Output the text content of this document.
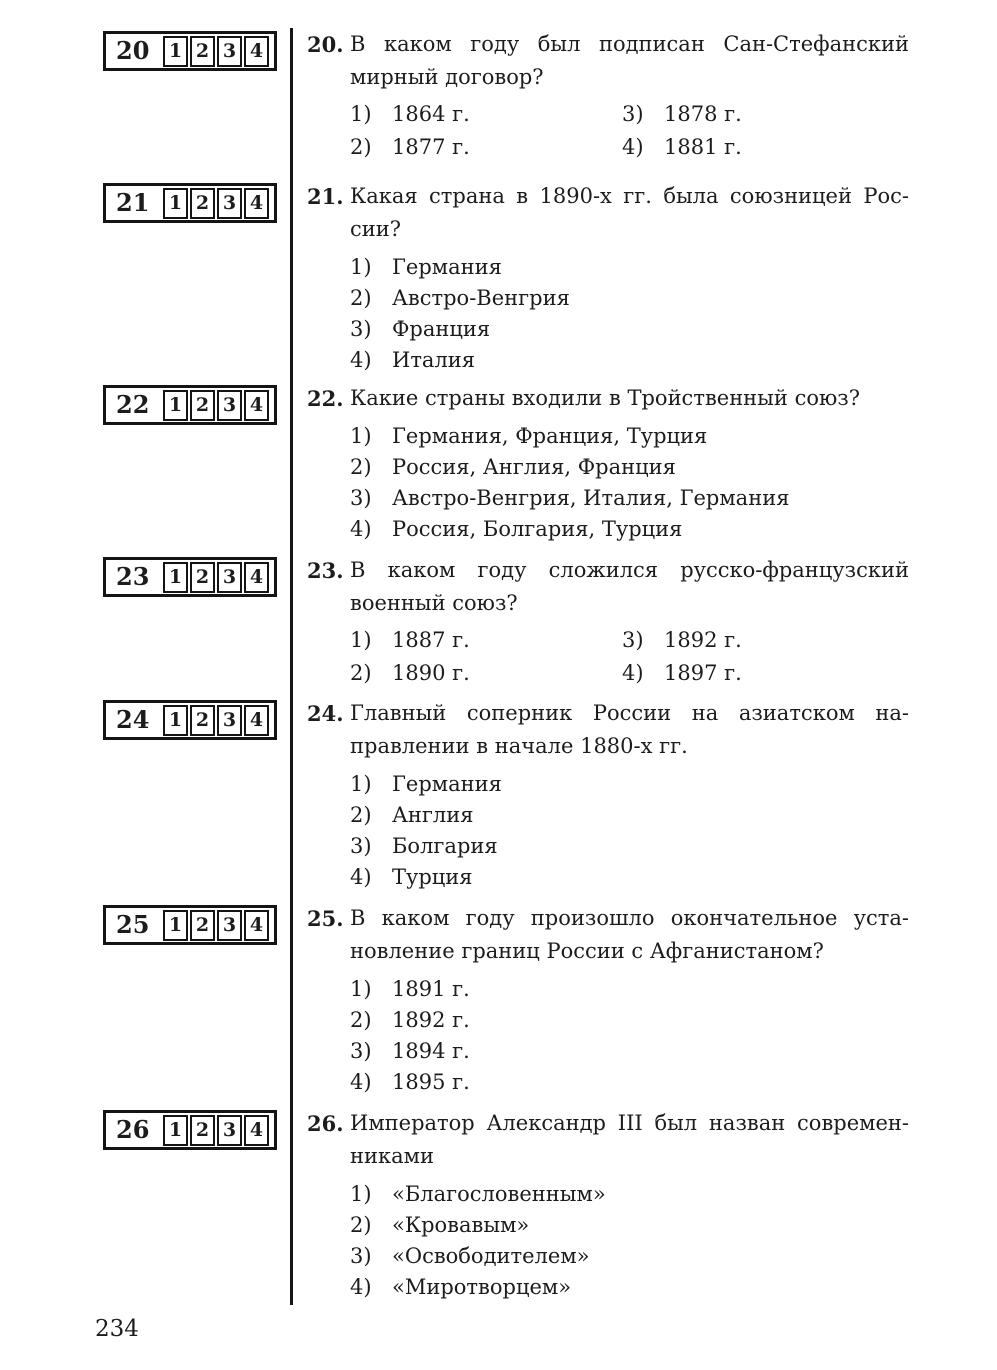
20	1 2 3 4 20. В каком году был подписан Сан-Стефанский
мирный договор?
1) 1864 г.	3) 1878 г.
2) 1877 г.	4) 1881 г.
21	1 2 3 4 21. Какая страна в 1890-х гг. была союзницей Рос-
сии?
1) Германия
2) Австро-Венгрия
3) Франция
4) Италия
22	1 2 3 4 22. Какие страны входили в Тройственный союз?
1) Германия, Франция, Турция
2) Россия, Англия, Франция
3) Австро-Венгрия, Италия, Германия
4) Россия, Болгария, Турция
23	1 2 3 4 23. В каком году сложился русско-французский
военный союз?
1) 1887 г.	3) 1892 г.
2) 1890 г.	4) 1897 г.
24	1 2 3 4 24. Главный соперник России на азиатском на-
правлении в начале 1880-х гг.
1) Германия
2) Англия
3) Болгария
4) Турция
25	1 2 3 4 25. В каком году произошло окончательное уста-
новление границ России с Афганистаном?
1) 1891 г.
2) 1892 г.
3) 1894 г.
4) 1895 г.
26	1 2 3 4 26. Император Александр III был назван современ-
никами
1) «Благословенным»
2) «Кровавым»
3) «Освободителем»
4) «Миротворцем»
234
